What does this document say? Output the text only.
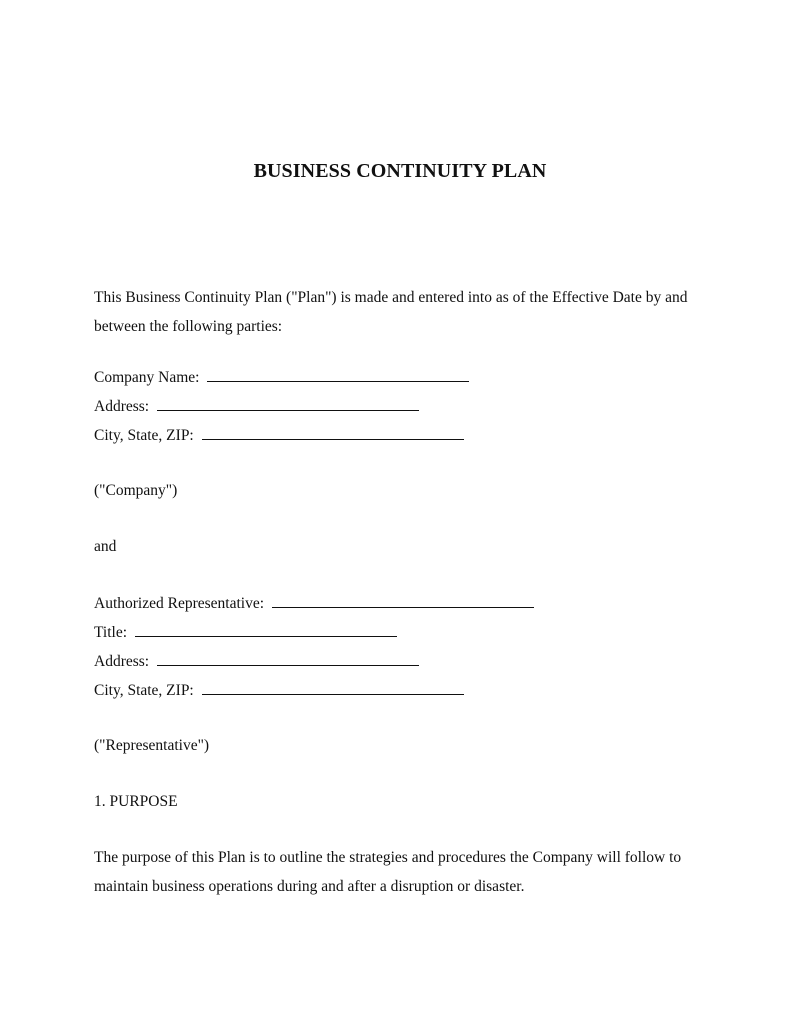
BUSINESS CONTINUITY PLAN
This Business Continuity Plan ("Plan") is made and entered into as of the Effective Date by and between the following parties:
Company Name:
Address:
City, State, ZIP:
("Company")
and
Authorized Representative:
Title:
Address:
City, State, ZIP:
("Representative")
1. PURPOSE
The purpose of this Plan is to outline the strategies and procedures the Company will follow to maintain business operations during and after a disruption or disaster.
